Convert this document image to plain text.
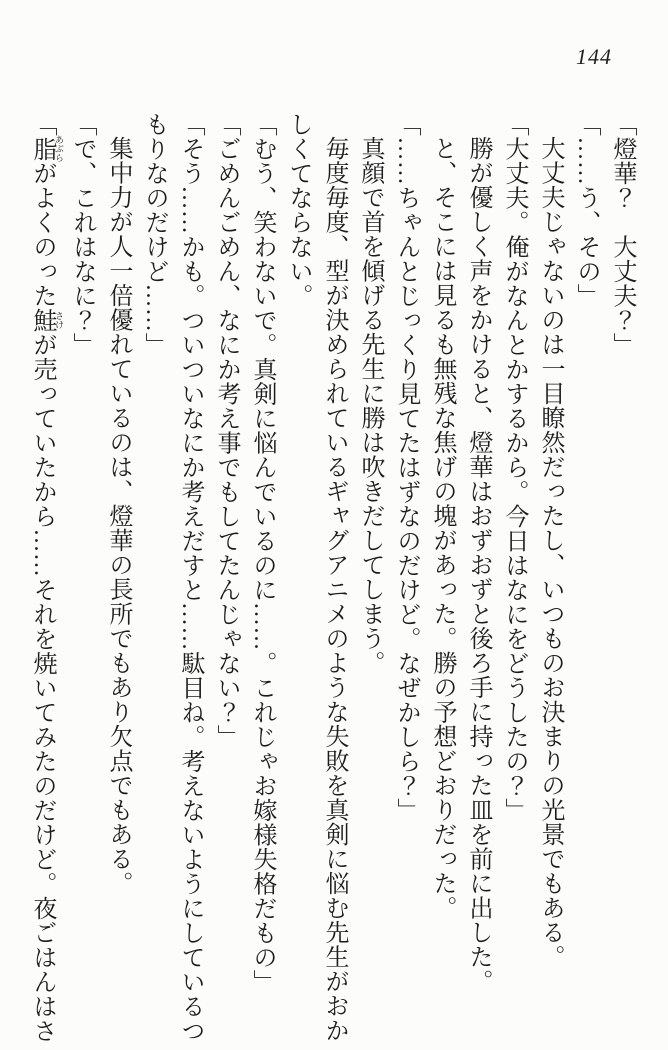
144

「燈華？　大丈夫？」

「……う、その」

大丈夫じゃないのは一目瞭然だったし、いつものお決まりの光景でもある。

「大丈夫。俺がなんとかするから。今日はなにをどうしたの？」

勝が優しく声をかけると、燈華はおずおずと後ろ手に持った皿を前に出した。

と、そこには見るも無残な焦げの塊があった。勝の予想どおりだった。

「……ちゃんとじっくり見てたはずなのだけど。なぜかしら？」

真顔で首を傾げる先生に勝は吹きだしてしまう。

毎度毎度、型が決められているギャグアニメのような失敗を真剣に悩む先生がおか

しくてならない。

「むう、笑わないで。真剣に悩んでいるのに……。これじゃお嫁様失格だもの」

「ごめんごめん、なにか考え事でもしてたんじゃない？」

「そう……かも。ついついなにか考えだすと……駄目ね。考えないようにしているつ

もりなのだけど……」

集中力が人一倍優れているのは、燈華の長所でもあり欠点でもある。

「で、これはなに？」

「脂 あぶらがよくのった鮭 さけが売っていたから……それを焼いてみたのだけど。夜ごはんはさ
